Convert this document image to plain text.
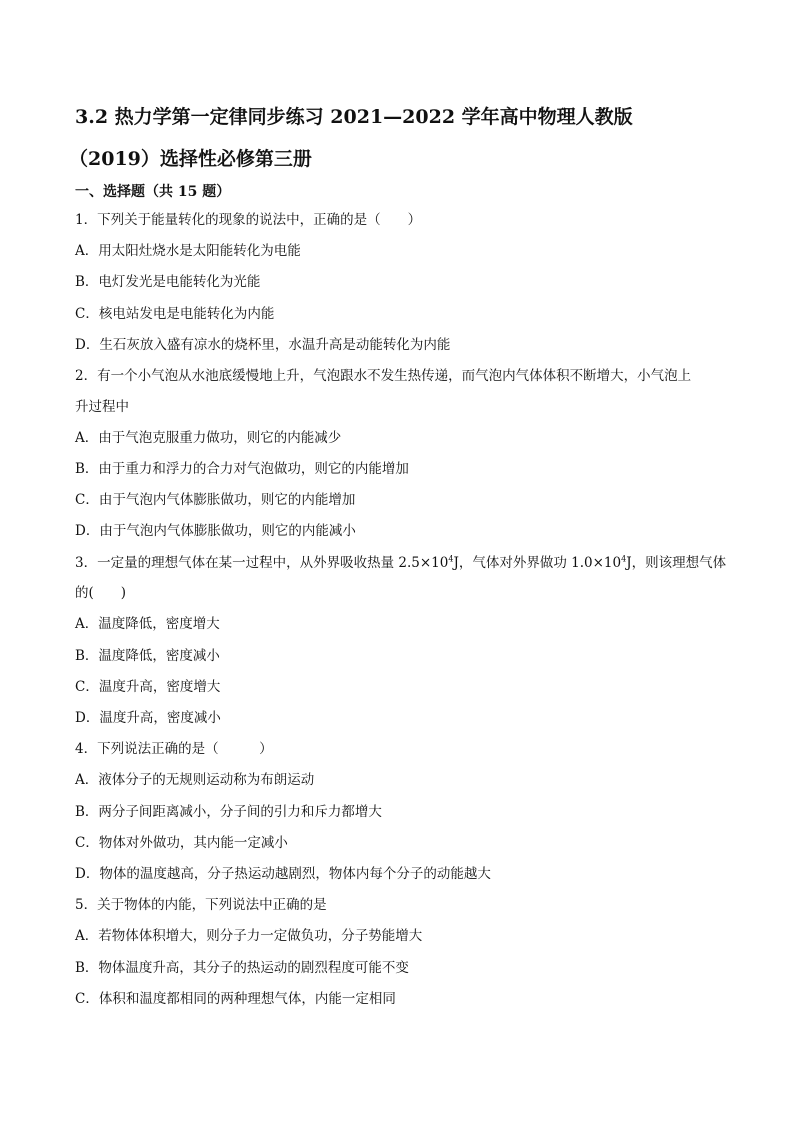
3.2 热力学第一定律同步练习 2021—2022 学年高中物理人教版
（2019）选择性必修第三册
一、选择题（共 15 题）
1．下列关于能量转化的现象的说法中，正确的是（　　）
A．用太阳灶烧水是太阳能转化为电能
B．电灯发光是电能转化为光能
C．核电站发电是电能转化为内能
D．生石灰放入盛有凉水的烧杯里，水温升高是动能转化为内能
2．有一个小气泡从水池底缓慢地上升，气泡跟水不发生热传递，而气泡内气体体积不断增大，小气泡上
升过程中
A．由于气泡克服重力做功，则它的内能减少
B．由于重力和浮力的合力对气泡做功，则它的内能增加
C．由于气泡内气体膨胀做功，则它的内能增加
D．由于气泡内气体膨胀做功，则它的内能减小
3．一定量的理想气体在某一过程中，从外界吸收热量 $2.5\times 10^4J$，气体对外界做功 $1.0\times 10^4J$，则该理想气体
的(　　)
A．温度降低，密度增大
B．温度降低，密度减小
C．温度升高，密度增大
D．温度升高，密度减小
4．下列说法正确的是（　　　）
A．液体分子的无规则运动称为布朗运动
B．两分子间距离减小，分子间的引力和斥力都增大
C．物体对外做功，其内能一定减小
D．物体的温度越高，分子热运动越剧烈，物体内每个分子的动能越大
5．关于物体的内能，下列说法中正确的是
A．若物体体积增大，则分子力一定做负功，分子势能增大
B．物体温度升高，其分子的热运动的剧烈程度可能不变
C．体积和温度都相同的两种理想气体，内能一定相同
